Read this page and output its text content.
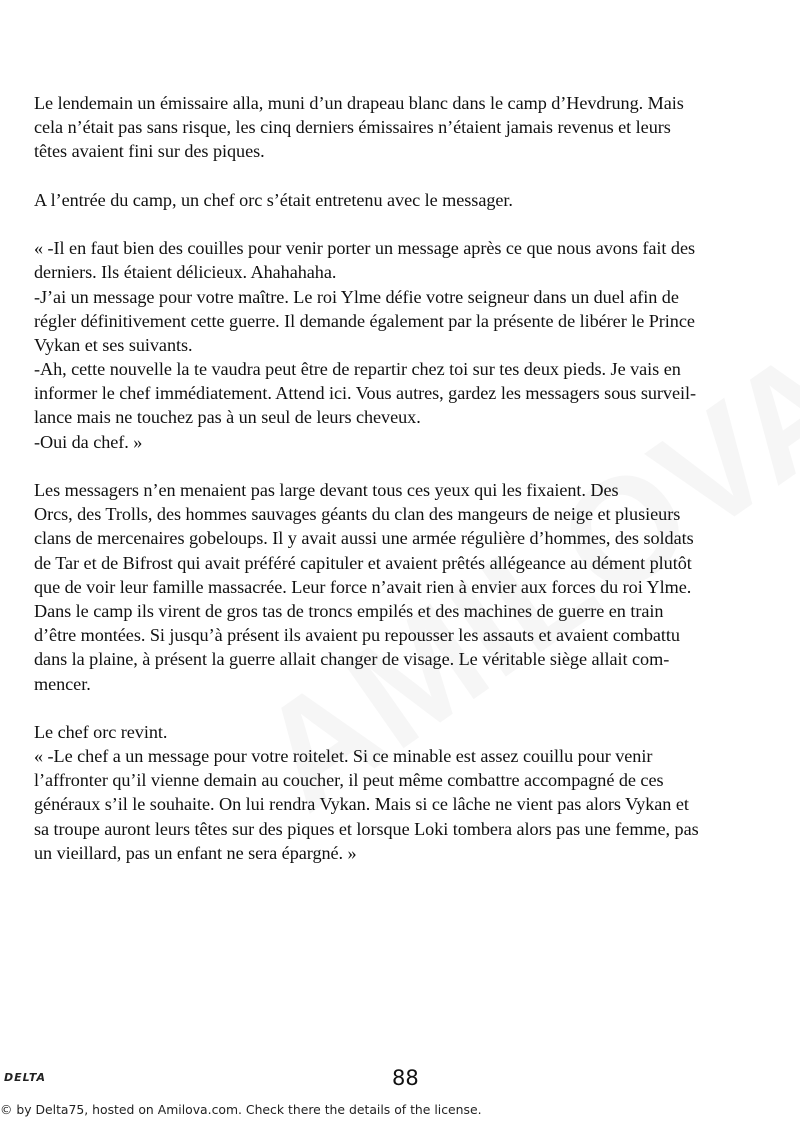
Le lendemain un émissaire alla, muni d’un drapeau blanc dans le camp d’Hevdrung. Mais
cela n’était pas sans risque, les cinq derniers émissaires n’étaient jamais revenus et leurs
têtes avaient fini sur des piques.

A l’entrée du camp, un chef orc s’était entretenu avec le messager.

« -Il en faut bien des couilles pour venir porter un message après ce que nous avons fait des
derniers. Ils étaient délicieux. Ahahahaha.
-J’ai un message pour votre maître. Le roi Ylme défie votre seigneur dans un duel afin de
régler définitivement cette guerre. Il demande également par la présente de libérer le Prince
Vykan et ses suivants.
-Ah, cette nouvelle la te vaudra peut être de repartir chez toi sur tes deux pieds. Je vais en
informer le chef immédiatement. Attend ici. Vous autres, gardez les messagers sous surveil-
lance mais ne touchez pas à un seul de leurs cheveux.
-Oui da chef. »

Les messagers n’en menaient pas large devant tous ces yeux qui les fixaient. Des
Orcs, des Trolls, des hommes sauvages géants du clan des mangeurs de neige et plusieurs
clans de mercenaires gobeloups. Il y avait aussi une armée régulière d’hommes, des soldats
de Tar et de Bifrost qui avait préféré capituler et avaient prêtés allégeance au dément plutôt
que de voir leur famille massacrée. Leur force n’avait rien à envier aux forces du roi Ylme.
Dans le camp ils virent de gros tas de troncs empilés et des machines de guerre en train
d’être montées. Si jusqu’à présent ils avaient pu repousser les assauts et avaient combattu
dans la plaine, à présent la guerre allait changer de visage. Le véritable siège allait com-
mencer.

Le chef orc revint.
« -Le chef a un message pour votre roitelet. Si ce minable est assez couillu pour venir
l’affronter qu’il vienne demain au coucher, il peut même combattre accompagné de ces
généraux s’il le souhaite. On lui rendra Vykan. Mais si ce lâche ne vient pas alors Vykan et
sa troupe auront leurs têtes sur des piques et lorsque Loki tombera alors pas une femme, pas
un vieillard, pas un enfant ne sera épargné. »

DELTA	88
© by Delta75, hosted on Amilova.com. Check there the details of the license.
